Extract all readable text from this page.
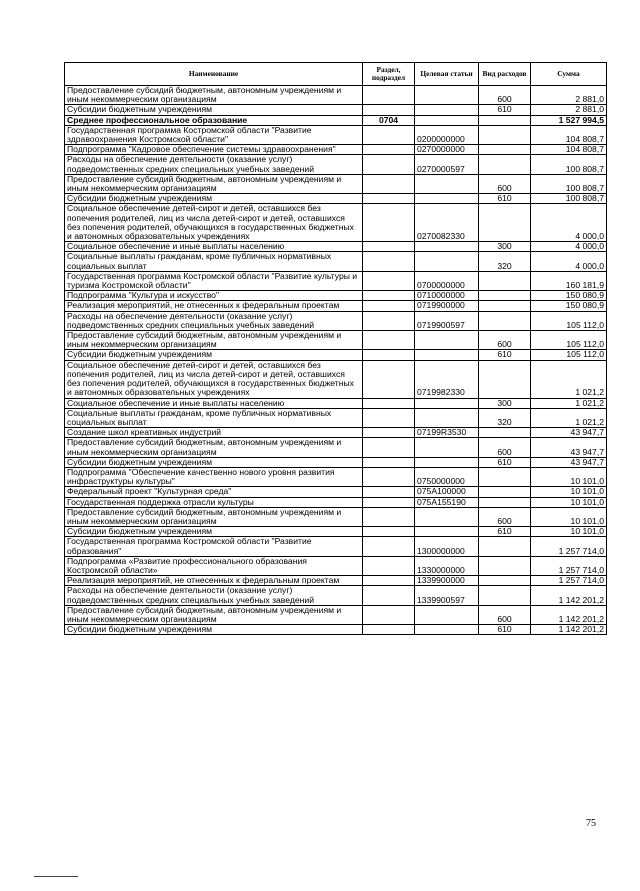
Наименование	Раздел, подраздел	Целевая статьи	Вид расходов	Сумма
Предоставление субсидий бюджетным, автономным учреждениям и иным некоммерческим организациям			600	2 881,0
Субсидии бюджетным учреждениям			610	2 881,0
Среднее профессиональное образование	0704			1 527 994,5
Государственная программа Костромской области "Развитие здравоохранения Костромской области"		0200000000		104 808,7
Подпрограмма "Кадровое обеспечение системы здравоохранения"		0270000000		104 808,7
Расходы на обеспечение деятельности (оказание услуг) подведомственных средних специальных учебных заведений		0270000597		100 808,7
Предоставление субсидий бюджетным, автономным учреждениям и иным некоммерческим организациям			600	100 808,7
Субсидии бюджетным учреждениям			610	100 808,7
Социальное обеспечение детей-сирот и детей, оставшихся без попечения родителей, лиц из числа детей-сирот и детей, оставшихся без попечения родителей, обучающихся в государственных бюджетных и автономных образовательных учреждениях		0270082330		4 000,0
Социальное обеспечение и иные выплаты населению			300	4 000,0
Социальные выплаты гражданам, кроме публичных нормативных социальных выплат			320	4 000,0
Государственная программа Костромской области "Развитие культуры и туризма Костромской области"		0700000000		160 181,9
Подпрограмма "Культура и искусство"		0710000000		150 080,9
Реализация мероприятий, не отнесенных к федеральным проектам		0719900000		150 080,9
Расходы на обеспечение деятельности (оказание услуг) подведомственных средних специальных учебных заведений		0719900597		105 112,0
Предоставление субсидий бюджетным, автономным учреждениям и иным некоммерческим организациям			600	105 112,0
Субсидии бюджетным учреждениям			610	105 112,0
Социальное обеспечение детей-сирот и детей, оставшихся без попечения родителей, лиц из числа детей-сирот и детей, оставшихся без попечения родителей, обучающихся в государственных бюджетных и автономных образовательных учреждениях		0719982330		1 021,2
Социальное обеспечение и иные выплаты населению			300	1 021,2
Социальные выплаты гражданам, кроме публичных нормативных социальных выплат			320	1 021,2
Создание школ креативных индустрий		07199R3530		43 947,7
Предоставление субсидий бюджетным, автономным учреждениям и иным некоммерческим организациям			600	43 947,7
Субсидии бюджетным учреждениям			610	43 947,7
Подпрограмма "Обеспечение качественно нового уровня развития инфраструктуры культуры"		0750000000		10 101,0
Федеральный проект "Культурная среда"		075А100000		10 101,0
Государственная поддержка отрасли культуры		075А155190		10 101,0
Предоставление субсидий бюджетным, автономным учреждениям и иным некоммерческим организациям			600	10 101,0
Субсидии бюджетным учреждениям			610	10 101,0
Государственная программа Костромской области "Развитие образования"		1300000000		1 257 714,0
Подпрограмма «Развитие профессионального образования Костромской области»		1330000000		1 257 714,0
Реализация мероприятий, не отнесенных к федеральным проектам		1339900000		1 257 714,0
Расходы на обеспечение деятельности (оказание услуг) подведомственных средних специальных учебных заведений		1339900597		1 142 201,2
Предоставление субсидий бюджетным, автономным учреждениям и иным некоммерческим организациям			600	1 142 201,2
Субсидии бюджетным учреждениям			610	1 142 201,2
75
